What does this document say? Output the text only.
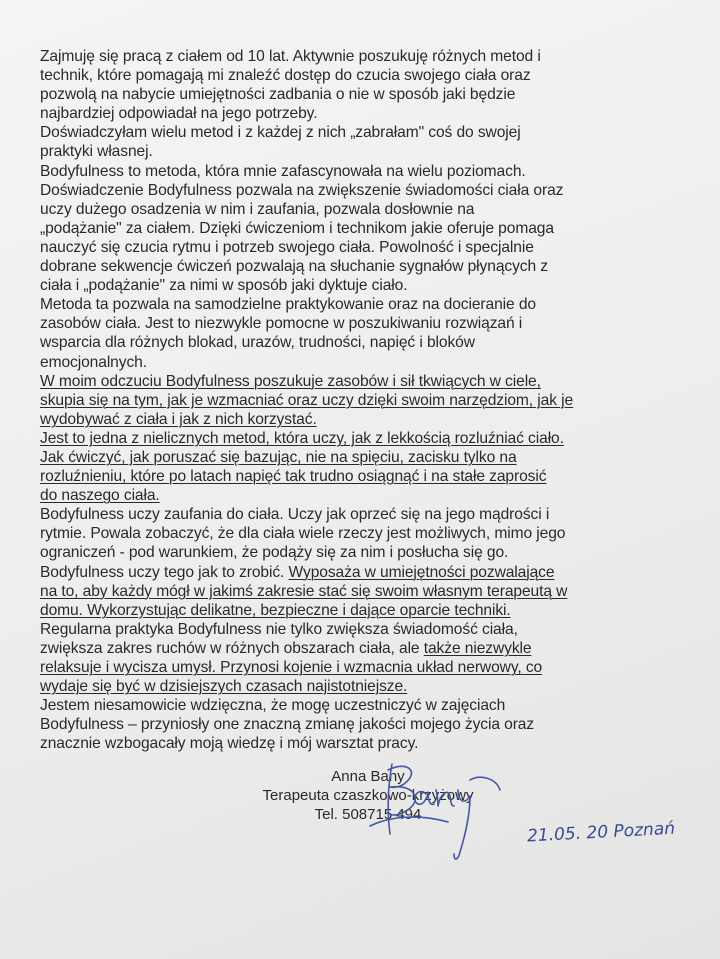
Zajmuję się pracą z ciałem od 10 lat. Aktywnie poszukuję różnych metod i
technik, które pomagają mi znaleźć dostęp do czucia swojego ciała oraz
pozwolą na nabycie umiejętności zadbania o nie w sposób jaki będzie
najbardziej odpowiadał na jego potrzeby.
Doświadczyłam wielu metod i z każdej z nich „zabrałam" coś do swojej
praktyki własnej.
Bodyfulness to metoda, która mnie zafascynowała na wielu poziomach.
Doświadczenie Bodyfulness pozwala na zwiększenie świadomości ciała oraz
uczy dużego osadzenia w nim i zaufania, pozwala dosłownie na
„podążanie" za ciałem. Dzięki ćwiczeniom i technikom jakie oferuje pomaga
nauczyć się czucia rytmu i potrzeb swojego ciała. Powolność i specjalnie
dobrane sekwencje ćwiczeń pozwalają na słuchanie sygnałów płynących z
ciała i „podążanie" za nimi w sposób jaki dyktuje ciało.
Metoda ta pozwala na samodzielne praktykowanie oraz na docieranie do
zasobów ciała. Jest to niezwykle pomocne w poszukiwaniu rozwiązań i
wsparcia dla różnych blokad, urazów, trudności, napięć i bloków
emocjonalnych.
W moim odczuciu Bodyfulness poszukuje zasobów i sił tkwiących w ciele,
skupia się na tym, jak je wzmacniać oraz uczy dzięki swoim narzędziom, jak je
wydobywać z ciała i jak z nich korzystać.
Jest to jedna z nielicznych metod, która uczy, jak z lekkością rozluźniać ciało.
Jak ćwiczyć, jak poruszać się bazując, nie na spięciu, zacisku tylko na
rozluźnieniu, które po latach napięć tak trudno osiągnąć i na stałe zaprosić
do naszego ciała.
Bodyfulness uczy zaufania do ciała. Uczy jak oprzeć się na jego mądrości i
rytmie. Powala zobaczyć, że dla ciała wiele rzeczy jest możliwych, mimo jego
ograniczeń - pod warunkiem, że podąży się za nim i posłucha się go.
Bodyfulness uczy tego jak to zrobić. Wyposaża w umiejętności pozwalające
na to, aby każdy mógł w jakimś zakresie stać się swoim własnym terapeutą w
domu. Wykorzystując delikatne, bezpieczne i dające oparcie techniki.
Regularna praktyka Bodyfulness nie tylko zwiększa świadomość ciała,
zwiększa zakres ruchów w różnych obszarach ciała, ale także niezwykle
relaksuje i wycisza umysł. Przynosi kojenie i wzmacnia układ nerwowy, co
wydaje się być w dzisiejszych czasach najistotniejsze.
Jestem niesamowicie wdzięczna, że mogę uczestniczyć w zajęciach
Bodyfulness – przyniosły one znaczną zmianę jakości mojego życia oraz
znacznie wzbogacały moją wiedzę i mój warsztat pracy.
Anna Bany
Terapeuta czaszkowo-krzyżowy
Tel. 508715 494
21.05. 20 Poznań
